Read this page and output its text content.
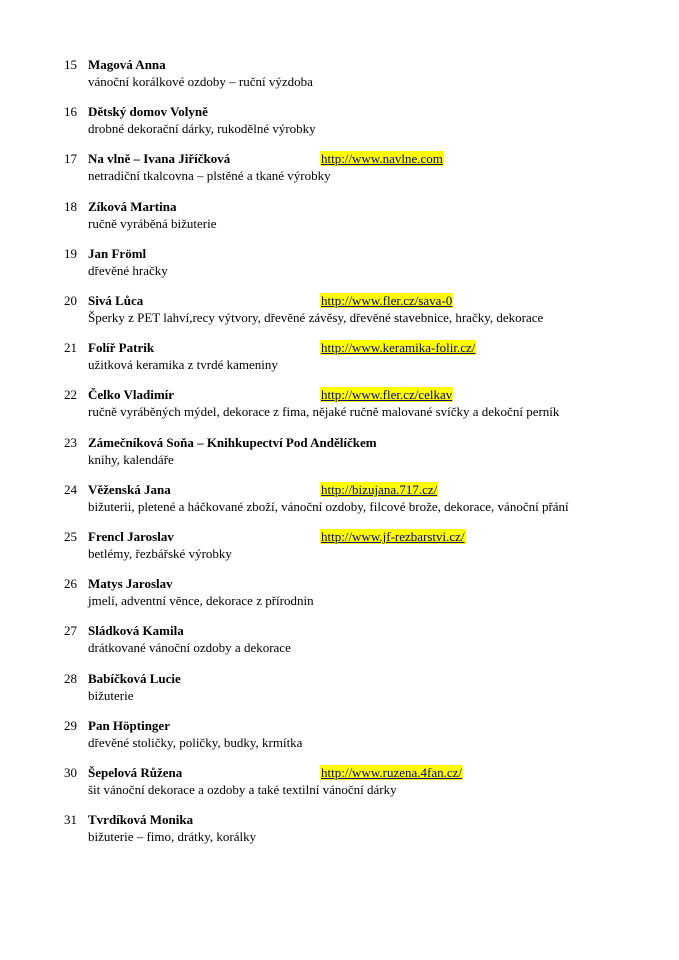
15 Magová Anna
vánoční korálkové ozdoby – ruční výzdoba
16 Dětský domov Volyně
drobné dekorační dárky, rukodělné výrobky
17 Na vlně – Ivana Jiříčková	http://www.navlne.com
netradiční tkalcovna – plstěné a tkané výrobky
18 Zíková Martina
ručně vyráběná bižuterie
19 Jan Fröml
dřevěné hračky
20 Sivá Lůca	http://www.fler.cz/sava-0
Šperky z PET lahví,recy výtvory, dřevěné závěsy, dřevěné stavebnice, hračky, dekorace
21 Folíř Patrik	http://www.keramika-folir.cz/
užitková keramika z tvrdé kameniny
22 Čelko Vladimír	http://www.fler.cz/celkav
ručně vyráběných mýdel, dekorace z fima, nějaké ručně malované svíčky a dekoční perník
23 Zámečníková Soňa – Knihkupectví Pod Andělíčkem
knihy, kalendáře
24 Věženská Jana	http://bizujana.717.cz/
bižuterii, pletené a háčkované zboží, vánoční ozdoby, filcové brože, dekorace, vánoční přání
25 Frencl Jaroslav	http://www.jf-rezbarstvi.cz/
betlémy, řezbářské výrobky
26 Matys Jaroslav
jmelí, adventní věnce, dekorace z přírodnin
27 Sládková Kamila
drátkované vánoční ozdoby a dekorace
28 Babíčková Lucie
bižuterie
29 Pan Höptinger
dřevěné stoličky, poličky, budky, krmítka
30 Šepelová Růžena	http://www.ruzena.4fan.cz/
šit vánoční dekorace a ozdoby a také textilní vánoční dárky
31 Tvrdíková Monika
bižuterie – fimo, drátky, korálky
